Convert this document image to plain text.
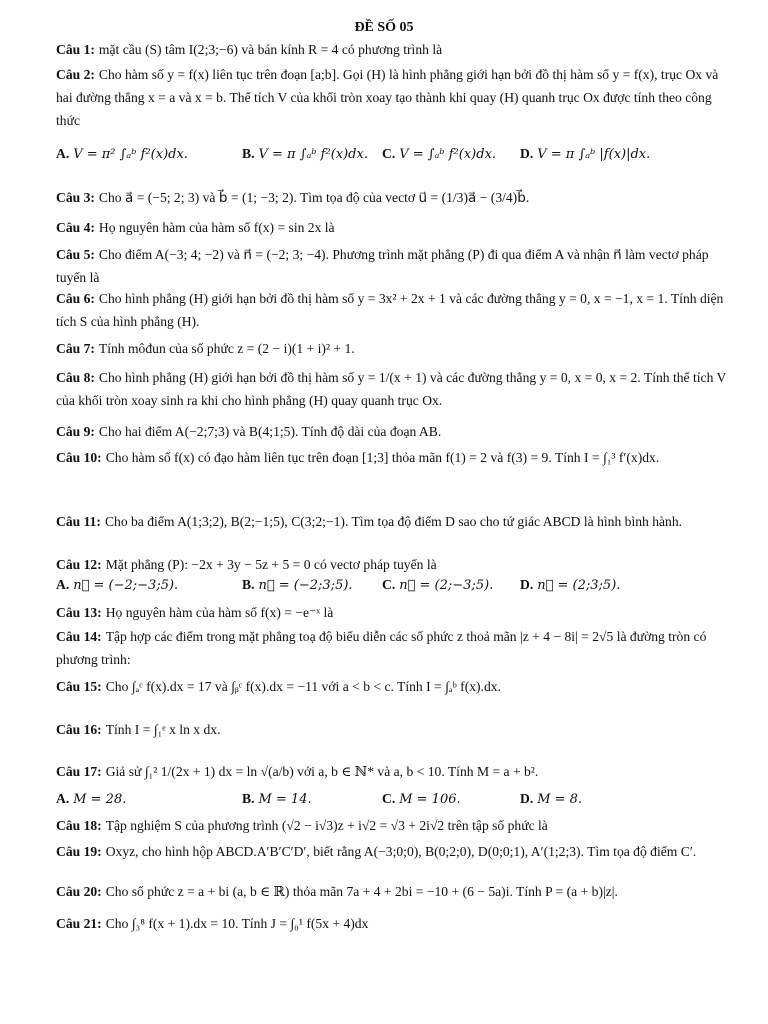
ĐỀ SỐ 05
Câu 1: mặt cầu (S) tâm I(2;3;−6) và bán kính R = 4 có phương trình là
Câu 2: Cho hàm số y = f(x) liên tục trên đoạn [a;b]. Gọi (H) là hình phẳng giới hạn bởi đồ thị hàm số y = f(x), trục Ox và hai đường thẳng x = a và x = b. Thể tích V của khối tròn xoay tạo thành khi quay (H) quanh trục Ox được tính theo công thức
A. V = π² ∫ₐᵇ f²(x)dx.	B. V = π ∫ₐᵇ f²(x)dx. C. V = ∫ₐᵇ f²(x)dx. D. V = π ∫ₐᵇ |f(x)|dx.
Câu 3: Cho a⃗ = (−5; 2; 3) và b⃗ = (1; −3; 2). Tìm tọa độ của vectơ u⃗ = (1/3)a⃗ − (3/4)b⃗.
Câu 4: Họ nguyên hàm của hàm số f(x) = sin 2x là
Câu 5: Cho điểm A(−3; 4; −2) và n⃗ = (−2; 3; −4). Phương trình mặt phẳng (P) đi qua điểm A và nhận n⃗ làm vectơ pháp tuyến là
Câu 6: Cho hình phẳng (H) giới hạn bởi đồ thị hàm số y = 3x² + 2x + 1 và các đường thẳng y = 0, x = −1, x = 1. Tính diện tích S của hình phẳng (H).
Câu 7: Tính môđun của số phức z = (2 − i)(1 + i)² + 1.
Câu 8: Cho hình phẳng (H) giới hạn bởi đồ thị hàm số y = 1/(x + 1) và các đường thẳng y = 0, x = 0, x = 2. Tính thể tích V của khối tròn xoay sinh ra khi cho hình phẳng (H) quay quanh trục Ox.
Câu 9: Cho hai điểm A(−2;7;3) và B(4;1;5). Tính độ dài của đoạn AB.
Câu 10: Cho hàm số f(x) có đạo hàm liên tục trên đoạn [1;3] thỏa mãn f(1) = 2 và f(3) = 9. Tính I = ∫₁³ f′(x)dx.
Câu 11: Cho ba điểm A(1;3;2), B(2;−1;5), C(3;2;−1). Tìm tọa độ điểm D sao cho tứ giác ABCD là hình bình hành.
Câu 12: Mặt phẳng (P): −2x + 3y − 5z + 5 = 0 có vectơ pháp tuyến là
A. n⃗ = (−2;−3;5).	B. n⃗ = (−2;3;5). C. n⃗ = (2;−3;5). D. n⃗ = (2;3;5).
Câu 13: Họ nguyên hàm của hàm số f(x) = −e⁻ˣ là
Câu 14: Tập hợp các điểm trong mặt phẳng toạ độ biểu diễn các số phức z thoả mãn |z + 4 − 8i| = 2√5 là đường tròn có phương trình:
Câu 15: Cho ∫ₐᶜ f(x).dx = 17 và ∫ᵦᶜ f(x).dx = −11 với a < b < c. Tính I = ∫ₐᵇ f(x).dx.
Câu 16: Tính I = ∫₁ᵉ x ln x dx.
Câu 17: Giả sử ∫₁² 1/(2x + 1) dx = ln √(a/b) với a, b ∈ ℕ* và a, b < 10. Tính M = a + b².
A. M = 28.	B. M = 14.	C. M = 106.	D. M = 8.
Câu 18: Tập nghiệm S của phương trình (√2 − i√3)z + i√2 = √3 + 2i√2 trên tập số phức là
Câu 19: Oxyz, cho hình hộp ABCD.A′B′C′D′, biết rằng A(−3;0;0), B(0;2;0), D(0;0;1), A′(1;2;3). Tìm tọa độ điểm C′.
Câu 20: Cho số phức z = a + bi (a, b ∈ ℝ) thỏa mãn 7a + 4 + 2bi = −10 + (6 − 5a)i. Tính P = (a + b)|z|.
Câu 21: Cho ∫₃⁸ f(x + 1).dx = 10. Tính J = ∫₀¹ f(5x + 4)dx
